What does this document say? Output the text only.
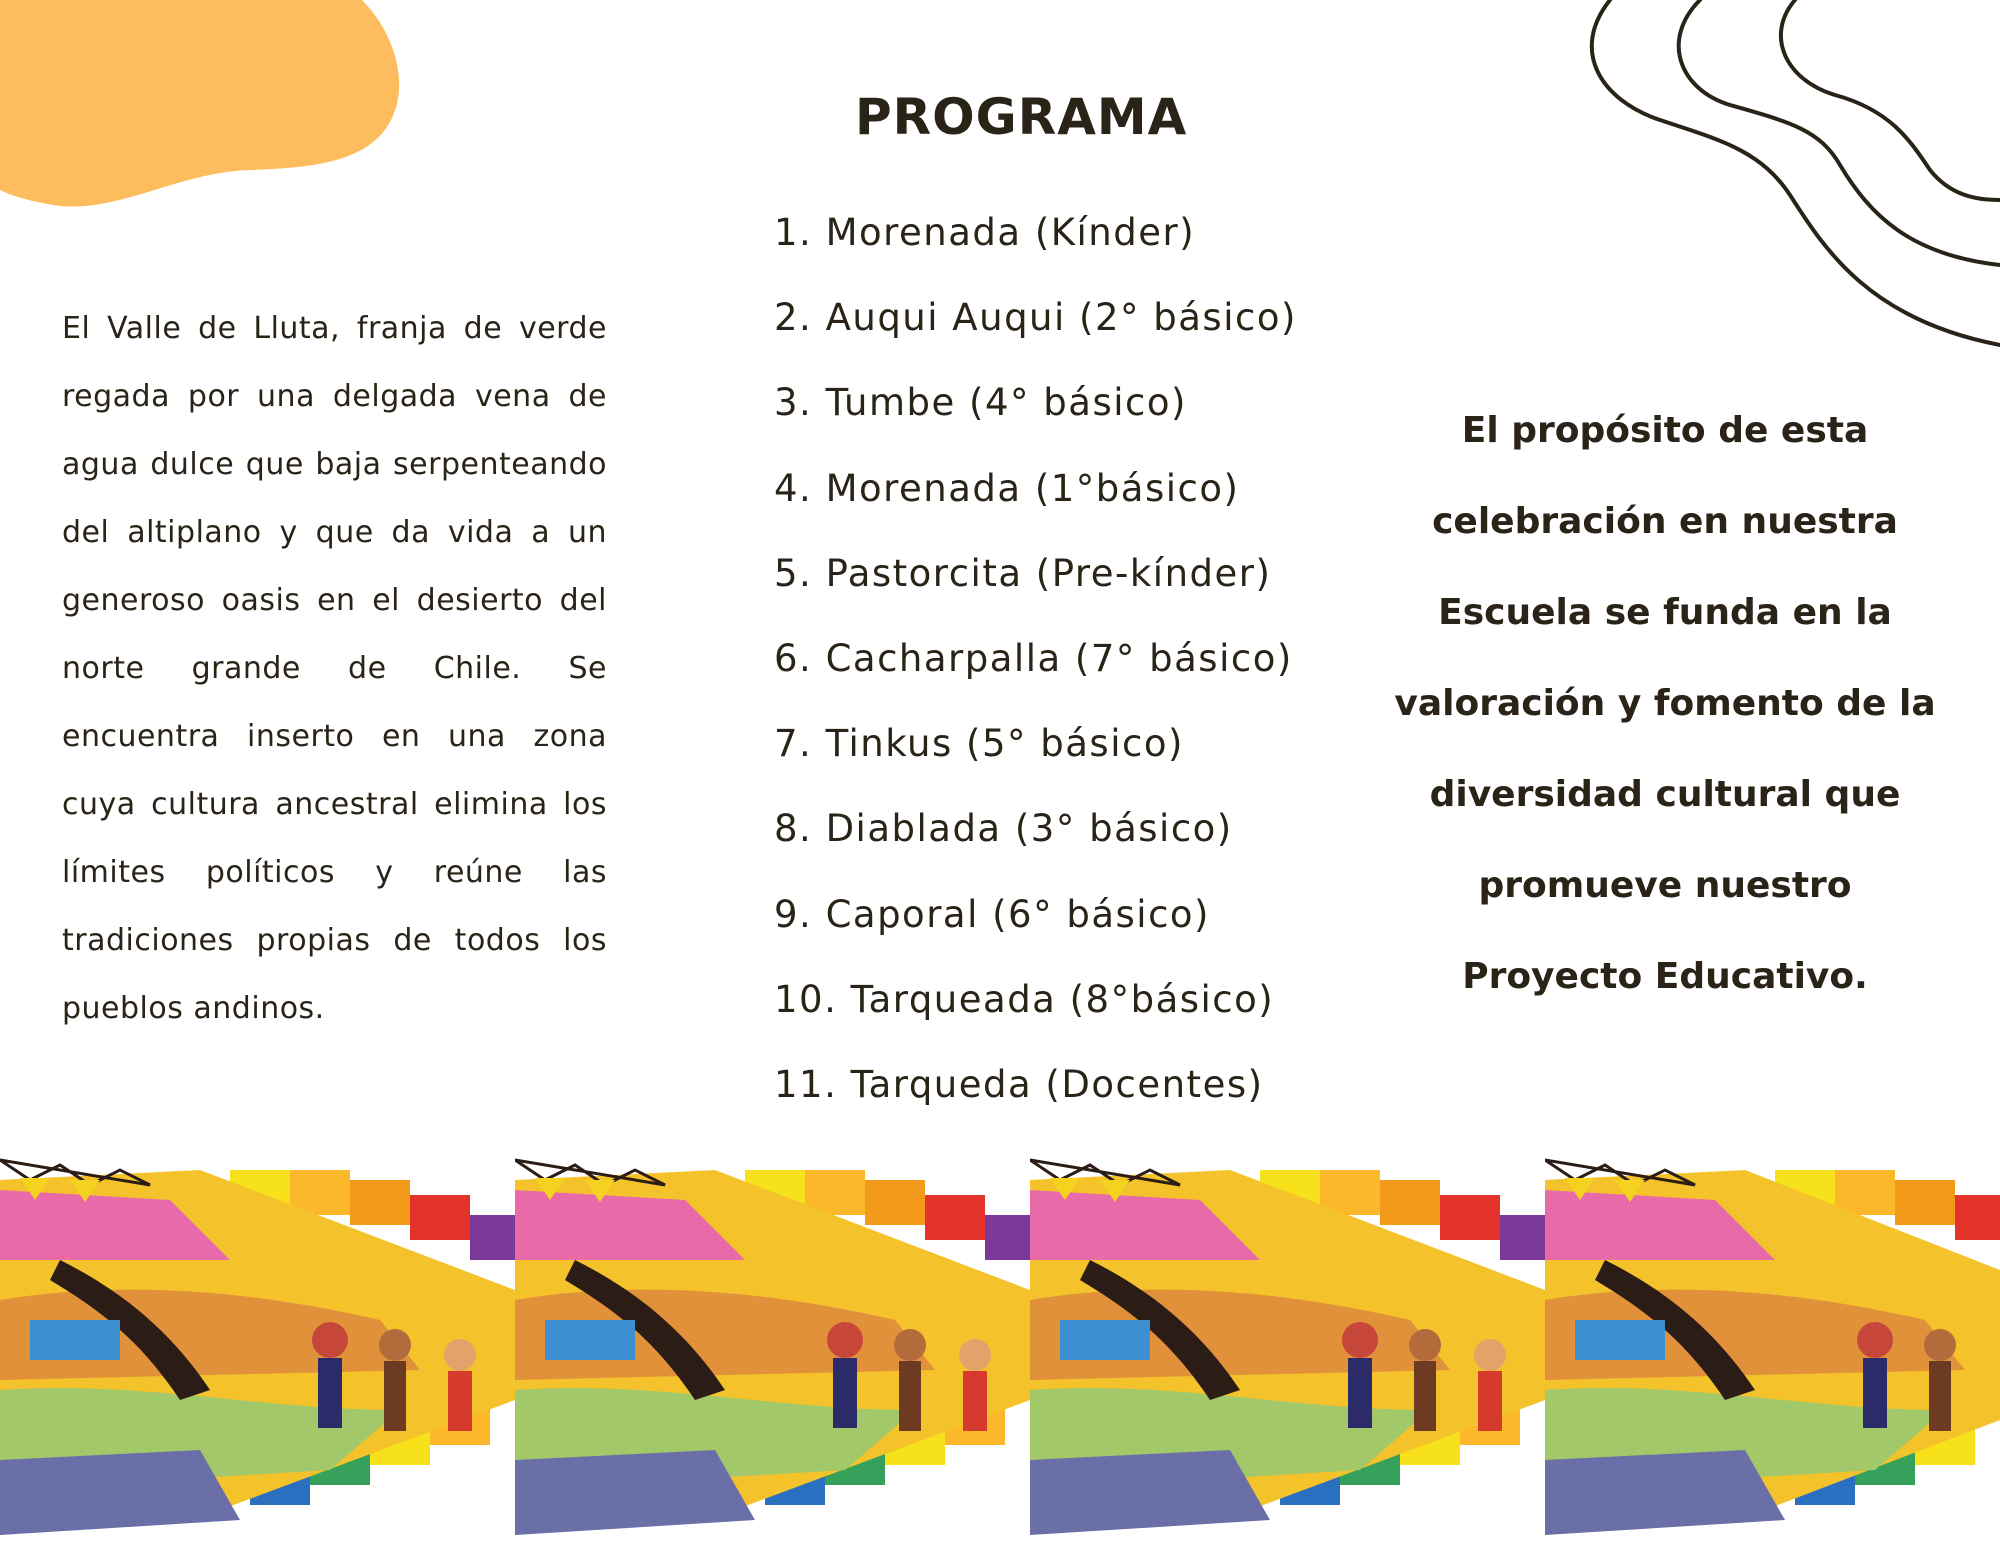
El Valle de Lluta, franja de verde regada por una delgada vena de agua dulce que baja serpenteando del altiplano y que da vida a un generoso oasis en el desierto del norte grande de Chile. Se encuentra inserto en una zona cuya cultura ancestral elimina los límites políticos y reúne las tradiciones propias de todos los pueblos andinos.

PROGRAMA
1. Morenada (Kínder)
2. Auqui Auqui (2° básico)
3. Tumbe (4° básico)
4. Morenada (1°básico)
5. Pastorcita (Pre-kínder)
6. Cacharpalla (7° básico)
7. Tinkus (5° básico)
8. Diablada (3° básico)
9. Caporal (6° básico)
10. Tarqueada (8°básico)
11. Tarqueda (Docentes)

El propósito de esta celebración en nuestra Escuela se funda en la valoración y fomento de la diversidad cultural que promueve nuestro Proyecto Educativo.
